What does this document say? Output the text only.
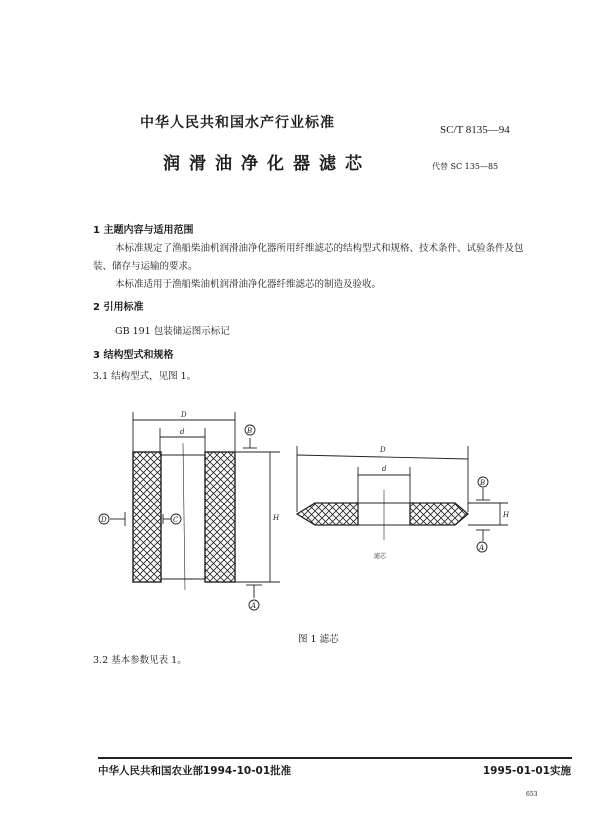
中华人民共和国水产行业标准	SC/T 8135—94
润滑油净化器滤芯	代替 SC 135—85
1 主题内容与适用范围
本标准规定了渔船柴油机润滑油净化器所用纤维滤芯的结构型式和规格、技术条件、试验条件及包
装、储存与运输的要求。
本标准适用于渔船柴油机润滑油净化器纤维滤芯的制造及验收。
2 引用标准
GB 191 包装储运图示标记
3 结构型式和规格
3.1 结构型式，见图 1。
D
d
H
B
A
D	C
D
d
H
B
A
滤芯
图 1 滤芯
3.2 基本参数见表 1。
中华人民共和国农业部1994-10-01批准	1995-01-01实施
653
